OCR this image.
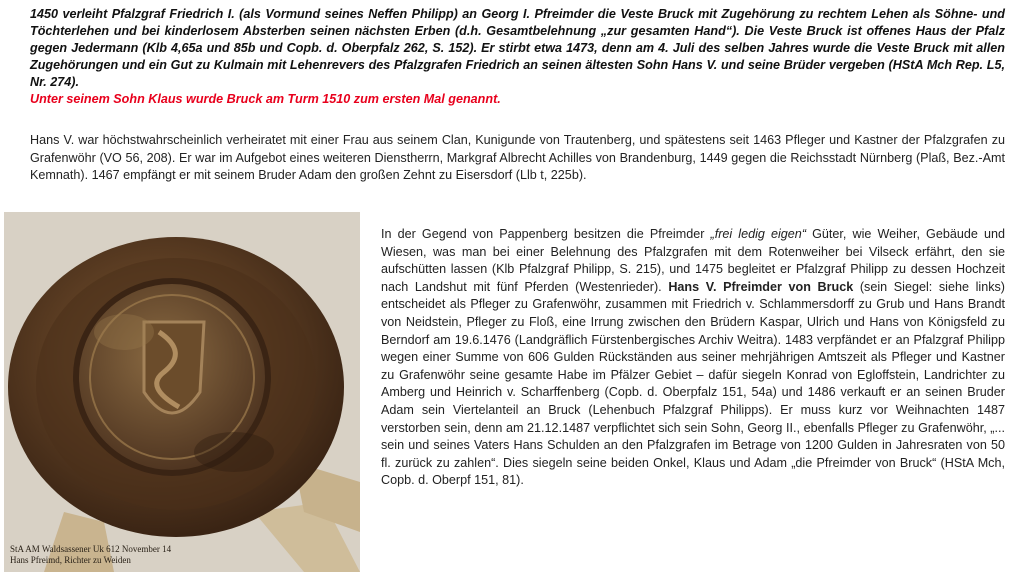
1450 verleiht Pfalzgraf Friedrich I. (als Vormund seines Neffen Philipp) an Georg I. Pfreimder die Veste Bruck mit Zugehörung zu rechtem Lehen als Söhne- und Töchterlehen und bei kinderlosem Absterben seinen nächsten Erben (d.h. Gesamtbelehnung „zur gesamten Hand“). Die Veste Bruck ist offenes Haus der Pfalz gegen Jedermann (Klb 4,65a und 85b und Copb. d. Oberpfalz 262, S. 152). Er stirbt etwa 1473, denn am 4. Juli des selben Jahres wurde die Veste Bruck mit allen Zugehörungen und ein Gut zu Kulmain mit Lehenrevers des Pfalzgrafen Friedrich an seinen ältesten Sohn Hans V. und seine Brüder vergeben (HStA Mch Rep. L5, Nr. 274).
Unter seinem Sohn Klaus wurde Bruck am Turm 1510 zum ersten Mal genannt.
Hans V. war höchstwahrscheinlich verheiratet mit einer Frau aus seinem Clan, Kunigunde von Trautenberg, und spätestens seit 1463 Pfleger und Kastner der Pfalzgrafen zu Grafenwöhr (VO 56, 208). Er war im Aufgebot eines weiteren Dienstherrn, Markgraf Albrecht Achilles von Brandenburg, 1449 gegen die Reichsstadt Nürnberg (Plaß, Bez.-Amt Kemnath). 1467 empfängt er mit seinem Bruder Adam den großen Zehnt zu Eisersdorf (Llb t, 225b).
StA AM Waldsassener Uk 612 November 14
Hans Pfreimd, Richter zu Weiden
In der Gegend von Pappenberg besitzen die Pfreimder „frei ledig eigen“ Güter, wie Weiher, Gebäude und Wiesen, was man bei einer Belehnung des Pfalzgrafen mit dem Rotenweiher bei Vilseck erfährt, den sie aufschütten lassen (Klb Pfalzgraf Philipp, S. 215), und 1475 begleitet er Pfalzgraf Philipp zu dessen Hochzeit nach Landshut mit fünf Pferden (Westenrieder). Hans V. Pfreimder von Bruck (sein Siegel: siehe links) entscheidet als Pfleger zu Grafenwöhr, zusammen mit Friedrich v. Schlammersdorff zu Grub und Hans Brandt von Neidstein, Pfleger zu Floß, eine Irrung zwischen den Brüdern Kaspar, Ulrich und Hans von Königsfeld zu Berndorf am 19.6.1476 (Landgräflich Fürstenbergisches Archiv Weitra). 1483 verpfändet er an Pfalzgraf Philipp wegen einer Summe von 606 Gulden Rückständen aus seiner mehrjährigen Amtszeit als Pfleger und Kastner zu Grafenwöhr seine gesamte Habe im Pfälzer Gebiet – dafür siegeln Konrad von Egloffstein, Landrichter zu Amberg und Heinrich v. Scharffenberg (Copb. d. Oberpfalz 151, 54a) und 1486 verkauft er an seinen Bruder Adam sein Viertelanteil an Bruck (Lehenbuch Pfalzgraf Philipps). Er muss kurz vor Weihnachten 1487 verstorben sein, denn am 21.12.1487 verpflichtet sich sein Sohn, Georg II., ebenfalls Pfleger zu Grafenwöhr, „... sein und seines Vaters Hans Schulden an den Pfalzgrafen im Betrage von 1200 Gulden in Jahresraten von 50 fl. zurück zu zahlen“. Dies siegeln seine beiden Onkel, Klaus und Adam „die Pfreimder von Bruck“ (HStA Mch, Copb. d. Oberpf 151, 81).
